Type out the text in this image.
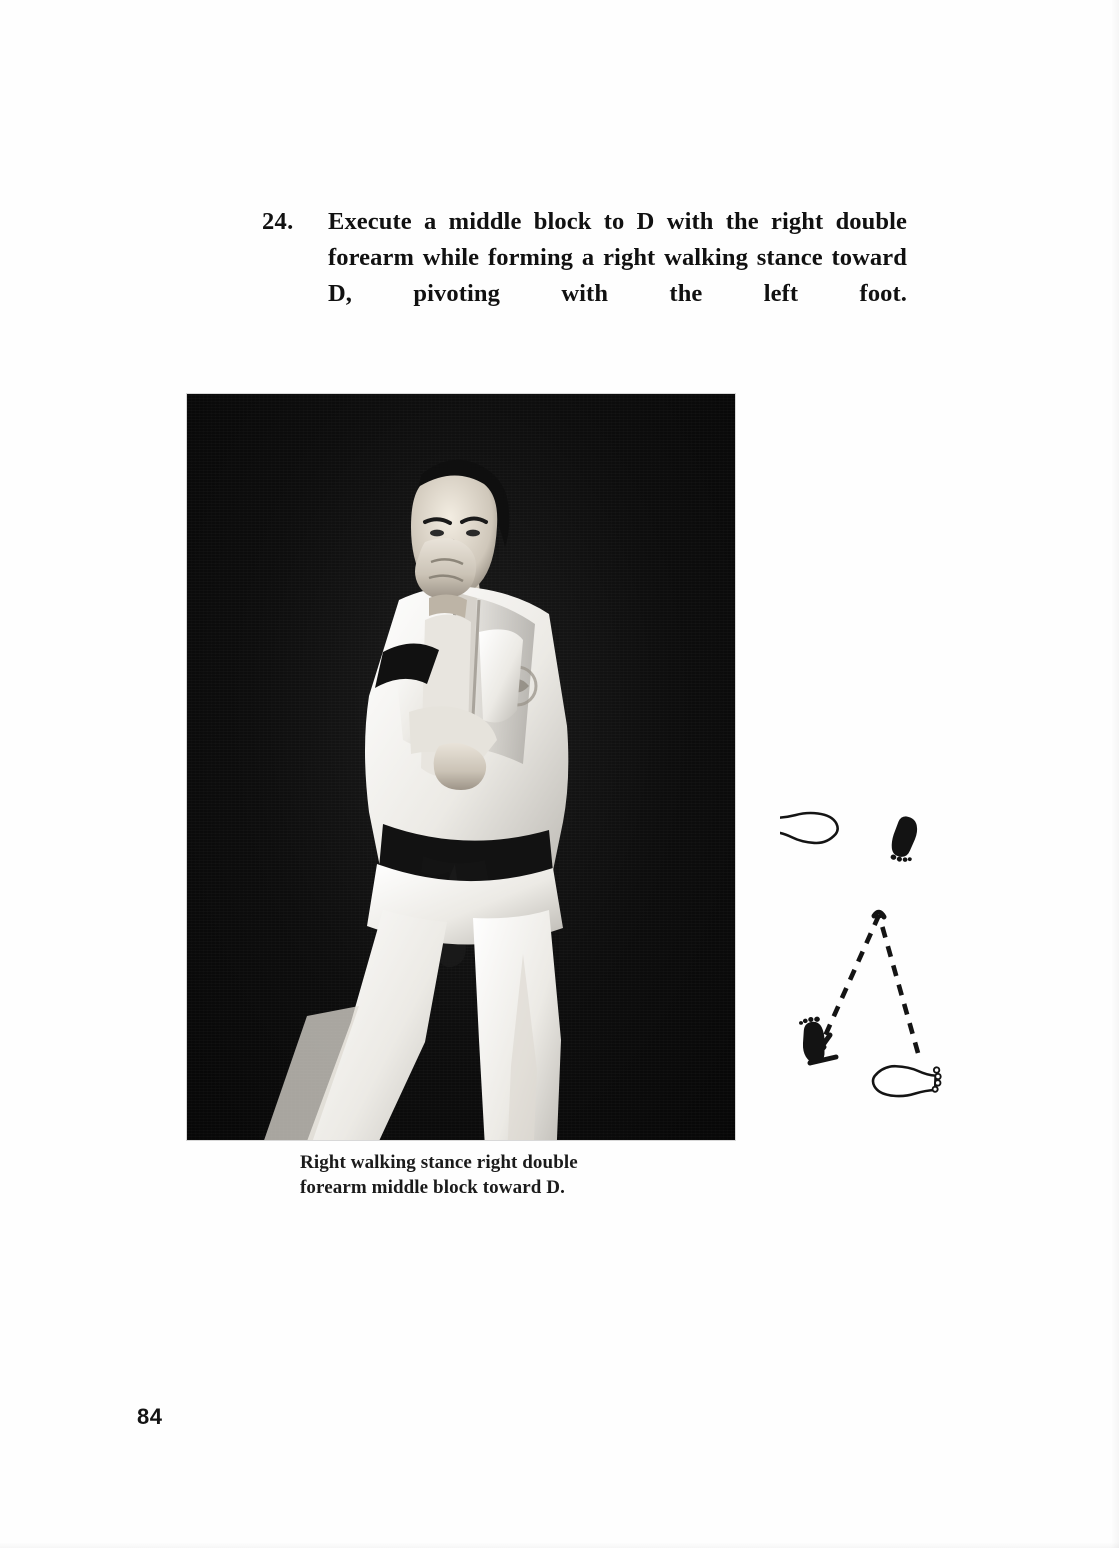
24.	Execute a middle block to D with the right double forearm while forming a right walking stance toward D, pivoting with the left foot.
Right walking stance right double
forearm middle block toward D.
84
